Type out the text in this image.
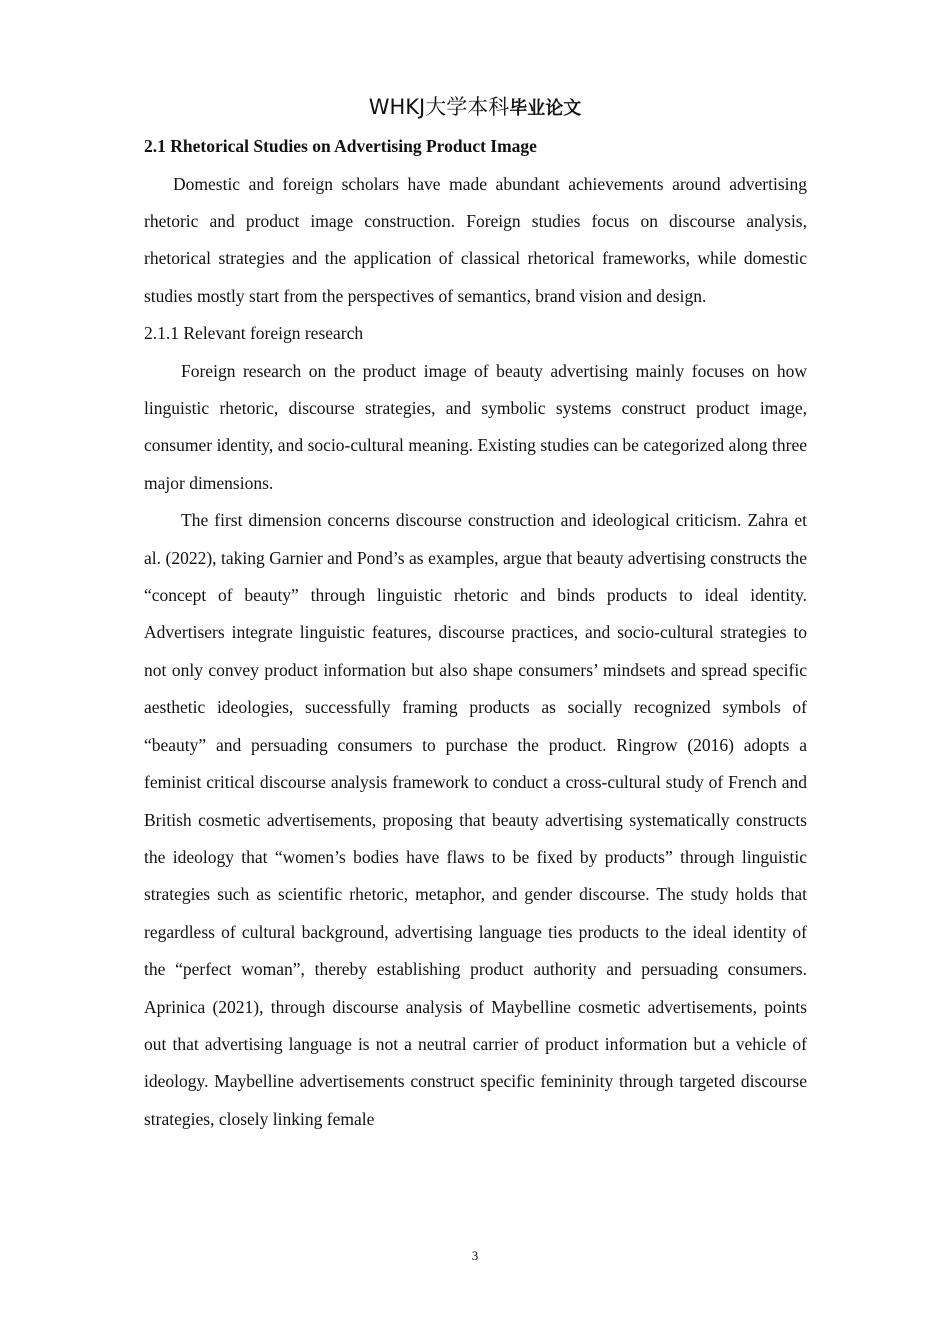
WHKJ大学本科毕业论文

2.1 Rhetorical Studies on Advertising Product Image

Domestic and foreign scholars have made abundant achievements around advertising rhetoric and product image construction. Foreign studies focus on discourse analysis, rhetorical strategies and the application of classical rhetorical frameworks, while domestic studies mostly start from the perspectives of semantics, brand vision and design.

2.1.1 Relevant foreign research

Foreign research on the product image of beauty advertising mainly focuses on how linguistic rhetoric, discourse strategies, and symbolic systems construct product image, consumer identity, and socio-cultural meaning. Existing studies can be categorized along three major dimensions.

The first dimension concerns discourse construction and ideological criticism. Zahra et al. (2022), taking Garnier and Pond’s as examples, argue that beauty advertising constructs the “concept of beauty” through linguistic rhetoric and binds products to ideal identity. Advertisers integrate linguistic features, discourse practices, and socio-cultural strategies to not only convey product information but also shape consumers’ mindsets and spread specific aesthetic ideologies, successfully framing products as socially recognized symbols of “beauty” and persuading consumers to purchase the product. Ringrow (2016) adopts a feminist critical discourse analysis framework to conduct a cross-cultural study of French and British cosmetic advertisements, proposing that beauty advertising systematically constructs the ideology that “women’s bodies have flaws to be fixed by products” through linguistic strategies such as scientific rhetoric, metaphor, and gender discourse. The study holds that regardless of cultural background, advertising language ties products to the ideal identity of the “perfect woman”, thereby establishing product authority and persuading consumers. Aprinica (2021), through discourse analysis of Maybelline cosmetic advertisements, points out that advertising language is not a neutral carrier of product information but a vehicle of ideology. Maybelline advertisements construct specific femininity through targeted discourse strategies, closely linking female

3
